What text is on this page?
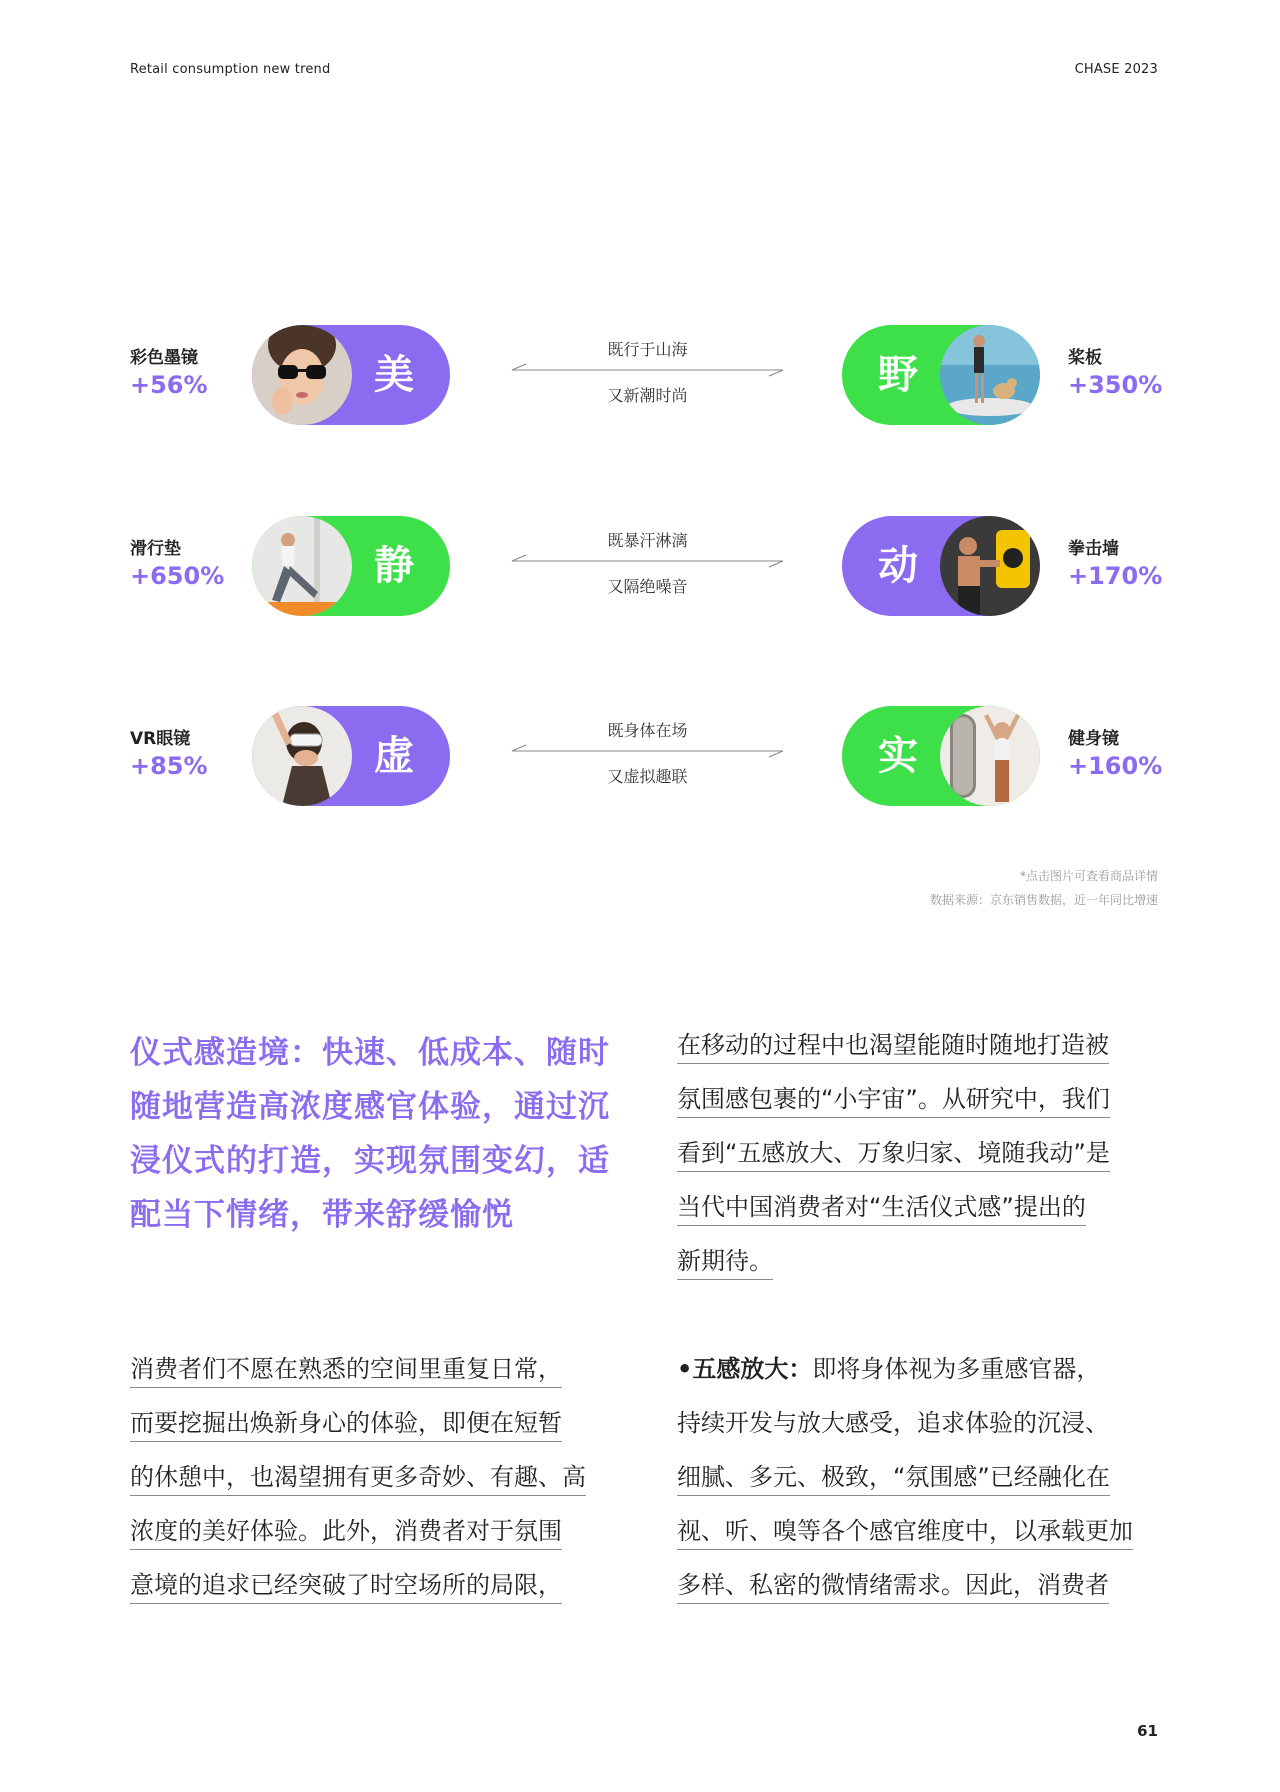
Retail consumption new trend	CHASE 2023
彩色墨镜
+56%	美
既行于山海
又新潮时尚	野	桨板
+350%
滑行垫
+650%	静
既暴汗淋漓
又隔绝噪音	动	拳击墙
+170%
VR眼镜
+85%	虚
既身体在场
又虚拟趣联	实	健身镜
+160%
*点击图片可查看商品详情
数据来源：京东销售数据，近一年同比增速
仪式感造境：快速、低成本、随时随地营造高浓度感官体验，通过沉浸仪式的打造，实现氛围变幻，适配当下情绪，带来舒缓愉悦
在移动的过程中也渴望能随时随地打造被
氛围感包裹的“小宇宙”。从研究中，我们
看到“五感放大、万象归家、境随我动”是
当代中国消费者对“生活仪式感”提出的
新期待。
消费者们不愿在熟悉的空间里重复日常，
而要挖掘出焕新身心的体验，即便在短暂
的休憩中，也渴望拥有更多奇妙、有趣、高
浓度的美好体验。此外，消费者对于氛围
意境的追求已经突破了时空场所的局限，
•五感放大：即将身体视为多重感官器，
持续开发与放大感受，追求体验的沉浸、
细腻、多元、极致，“氛围感”已经融化在
视、听、嗅等各个感官维度中，以承载更加
多样、私密的微情绪需求。因此，消费者
61
